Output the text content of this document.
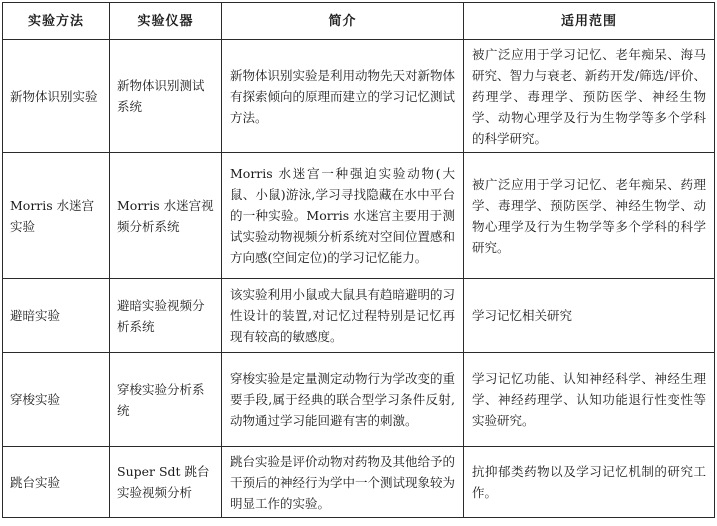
实验方法	实验仪器	简介	适用范围
新物体识别实验	新物体识别测试系统	新物体识别实验是利用动物先天对新物体有探索倾向的原理而建立的学习记忆测试方法。	被广泛应用于学习记忆、老年痴呆、海马研究、智力与衰老、新药开发/筛选/评价、药理学、毒理学、预防医学、神经生物学、动物心理学及行为生物学等多个学科的科学研究。
Morris 水迷宫实验	Morris 水迷宫视频分析系统	Morris 水迷宫一种强迫实验动物(大鼠、小鼠)游泳,学习寻找隐藏在水中平台的一种实验。Morris 水迷宫主要用于测试实验动物视频分析系统对空间位置感和方向感(空间定位)的学习记忆能力。	被广泛应用于学习记忆、老年痴呆、药理学、毒理学、预防医学、神经生物学、动物心理学及行为生物学等多个学科的科学研究。
避暗实验	避暗实验视频分析系统	该实验利用小鼠或大鼠具有趋暗避明的习性设计的装置,对记忆过程特别是记忆再现有较高的敏感度。	学习记忆相关研究
穿梭实验	穿梭实验分析系统	穿梭实验是定量测定动物行为学改变的重要手段,属于经典的联合型学习条件反射,动物通过学习能回避有害的刺激。	学习记忆功能、认知神经科学、神经生理学、神经药理学、认知功能退行性变性等实验研究。
跳台实验	Super Sdt 跳台实验视频分析	跳台实验是评价动物对药物及其他给予的干预后的神经行为学中一个测试现象较为明显工作的实验。	抗抑郁类药物以及学习记忆机制的研究工作。
